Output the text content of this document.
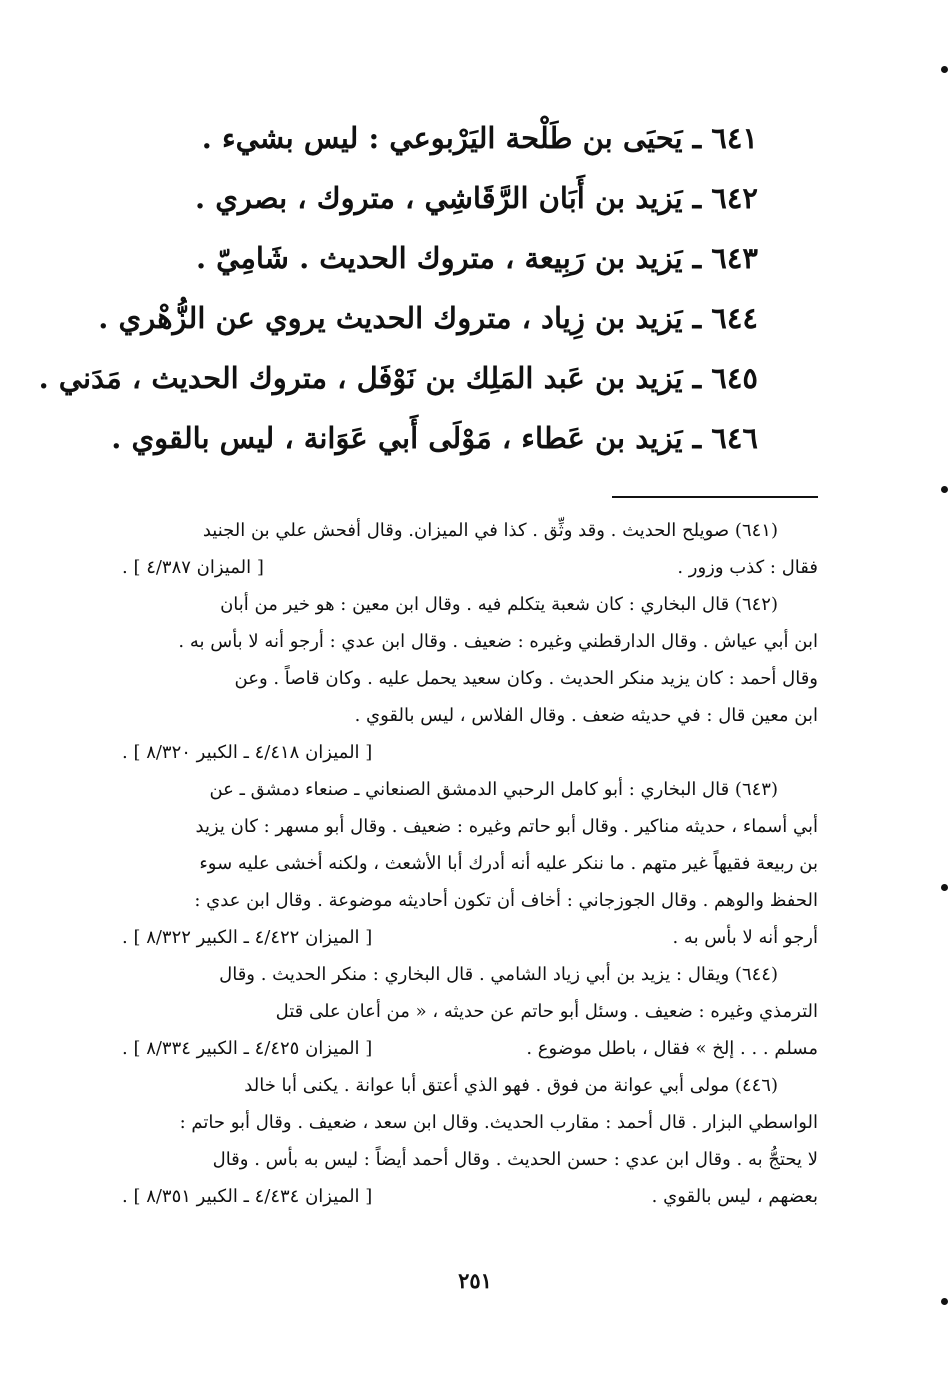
٦٤١ ـ يَحيَى بن طَلْحة اليَرْبوعي : ليس بشيء .
٦٤٢ ـ يَزيد بن أَبَان الرَّقَاشِي ، متروك ، بصري .
٦٤٣ ـ يَزيد بن رَبِيعة ، متروك الحديث . شَامِيّ .
٦٤٤ ـ يَزيد بن زِياد ، متروك الحديث يروي عن الزُّهْري .
٦٤٥ ـ يَزيد بن عَبد المَلِك بن نَوْفَل ، متروك الحديث ، مَدَني .
٦٤٦ ـ يَزيد بن عَطاء ، مَوْلَى أَبي عَوَانة ، ليس بالقوي .
(٦٤١) صويلح الحديث . وقد وثِّق . كذا في الميزان. وقال أفحش علي بن الجنيد
[ الميزان ٤/٣٨٧ ] .	فقال : كذب وزور .
(٦٤٢) قال البخاري : كان شعبة يتكلم فيه . وقال ابن معين : هو خير من أبان
ابن أبي عياش . وقال الدارقطني وغيره : ضعيف . وقال ابن عدي : أرجو أنه لا بأس به .
وقال أحمد : كان يزيد منكر الحديث . وكان سعيد يحمل عليه . وكان قاصاً . وعن
ابن معين قال : في حديثه ضعف . وقال الفلاس ، ليس بالقوي .
[ الميزان ٤/٤١٨ ـ الكبير ٨/٣٢٠ ] .
(٦٤٣) قال البخاري : أبو كامل الرحبي الدمشق الصنعاني ـ صنعاء دمشق ـ عن
أبي أسماء ، حديثه مناكير . وقال أبو حاتم وغيره : ضعيف . وقال أبو مسهر : كان يزيد
بن ربيعة فقيهاً غير متهم . ما ننكر عليه أنه أدرك أبا الأشعث ، ولكنه أخشى عليه سوء
الحفظ والوهم . وقال الجوزجاني : أخاف أن تكون أحاديثه موضوعة . وقال ابن عدي :
[ الميزان ٤/٤٢٢ ـ الكبير ٨/٣٢٢ ] .	أرجو أنه لا بأس به .
(٦٤٤) ويقال : يزيد بن أبي زياد الشامي . قال البخاري : منكر الحديث . وقال
الترمذي وغيره : ضعيف . وسئل أبو حاتم عن حديثه ، « من أعان على قتل
[ الميزان ٤/٤٢٥ ـ الكبير ٨/٣٣٤ ] .	مسلم . . . إلخ » فقال ، باطل موضوع .
(٤٤٦) مولى أبي عوانة من فوق . فهو الذي أعتق أبا عوانة . يكنى أبا خالد
الواسطي البزار . قال أحمد : مقارب الحديث. وقال ابن سعد ، ضعيف . وقال أبو حاتم :
لا يحتجُّ به . وقال ابن عدي : حسن الحديث . وقال أحمد أيضاً : ليس به بأس . وقال
[ الميزان ٤/٤٣٤ ـ الكبير ٨/٣٥١ ] .	بعضهم ، ليس بالقوي .
٢٥١
